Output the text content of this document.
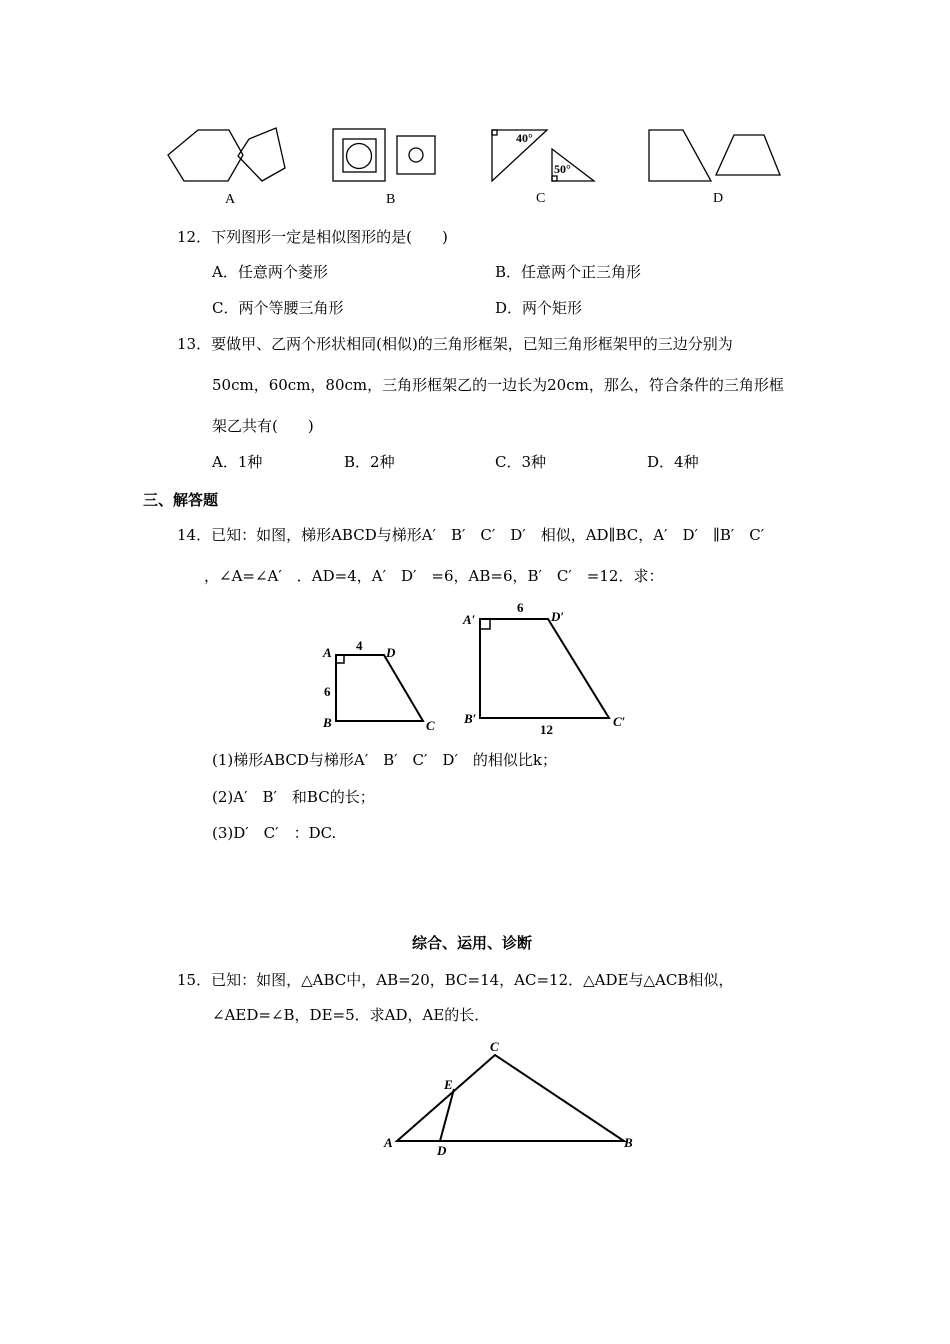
40°
50°
A	B	C	D
12．下列图形一定是相似图形的是(　　)
A．任意两个菱形	B．任意两个正三角形
C．两个等腰三角形	D．两个矩形
13．要做甲、乙两个形状相同(相似)的三角形框架，已知三角形框架甲的三边分别为
50cm，60cm，80cm，三角形框架乙的一边长为20cm，那么，符合条件的三角形框
架乙共有(　　)
A．1种	B．2种	C．3种	D．4种
三、解答题
14．已知：如图，梯形ABCD与梯形A′　B′　C′　D′　相似，AD∥BC，A′　D′　∥B′　C′
，∠A=∠A′　．AD=4，A′　D′　=6，AB=6，B′　C′　=12．求：
A	D
B	C
A′	D′
B′	C′
4
6
6
12
(1)梯形ABCD与梯形A′　B′　C′　D′　的相似比k；
(2)A′　B′　和BC的长；
(3)D′　C′　：DC.
综合、运用、诊断
15．已知：如图，△ABC中，AB=20，BC=14，AC=12．△ADE与△ACB相似，
∠AED=∠B，DE=5．求AD，AE的长．
C
E
A
D
B
